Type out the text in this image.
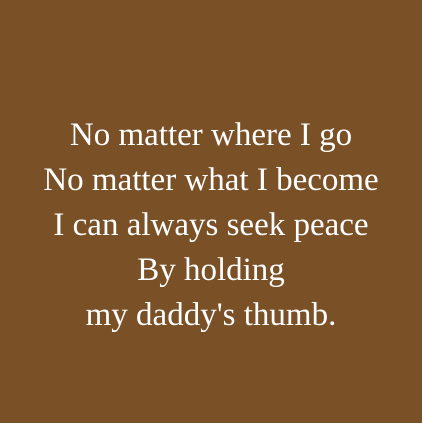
No matter where I go
No matter what I become
I can always seek peace
By holding
my daddy's thumb.
